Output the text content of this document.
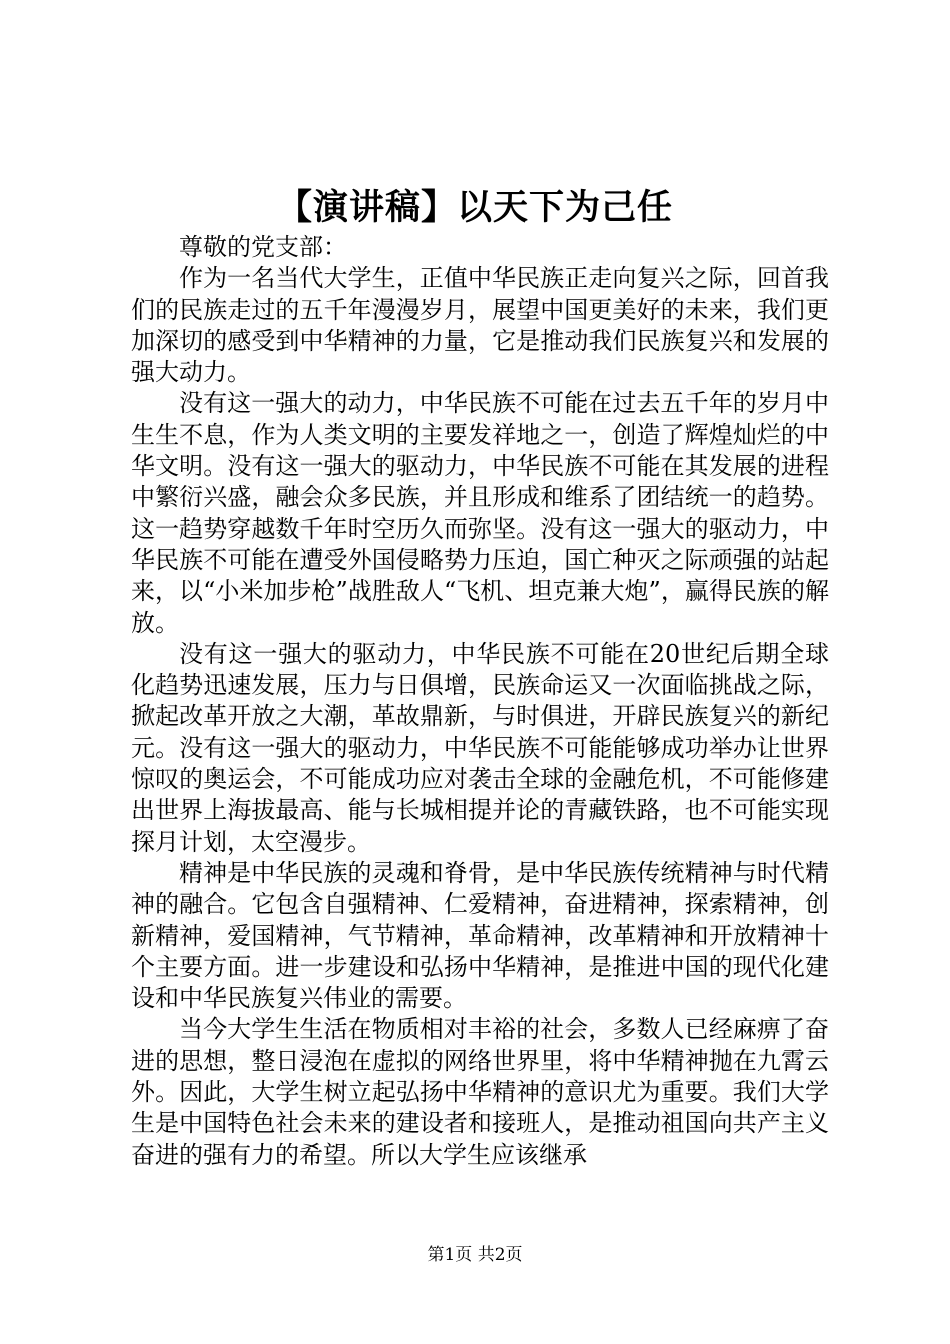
【演讲稿】以天下为己任

尊敬的党支部：

作为一名当代大学生，正值中华民族正走向复兴之际，回首我们的民族走过的五千年漫漫岁月，展望中国更美好的未来，我们更加深切的感受到中华精神的力量，它是推动我们民族复兴和发展的强大动力。

没有这一强大的动力，中华民族不可能在过去五千年的岁月中生生不息，作为人类文明的主要发祥地之一，创造了辉煌灿烂的中华文明。没有这一强大的驱动力，中华民族不可能在其发展的进程中繁衍兴盛，融会众多民族，并且形成和维系了团结统一的趋势。这一趋势穿越数千年时空历久而弥坚。没有这一强大的驱动力，中华民族不可能在遭受外国侵略势力压迫，国亡种灭之际顽强的站起来，以“小米加步枪”战胜敌人“飞机、坦克兼大炮”，赢得民族的解放。

没有这一强大的驱动力，中华民族不可能在20世纪后期全球化趋势迅速发展，压力与日俱增，民族命运又一次面临挑战之际，掀起改革开放之大潮，革故鼎新，与时俱进，开辟民族复兴的新纪元。没有这一强大的驱动力，中华民族不可能能够成功举办让世界惊叹的奥运会，不可能成功应对袭击全球的金融危机，不可能修建出世界上海拔最高、能与长城相提并论的青藏铁路，也不可能实现探月计划，太空漫步。

精神是中华民族的灵魂和脊骨，是中华民族传统精神与时代精神的融合。它包含自强精神、仁爱精神，奋进精神，探索精神，创新精神，爱国精神，气节精神，革命精神，改革精神和开放精神十个主要方面。进一步建设和弘扬中华精神，是推进中国的现代化建设和中华民族复兴伟业的需要。

当今大学生生活在物质相对丰裕的社会，多数人已经麻痹了奋进的思想，整日浸泡在虚拟的网络世界里，将中华精神抛在九霄云外。因此，大学生树立起弘扬中华精神的意识尤为重要。我们大学生是中国特色社会未来的建设者和接班人，是推动祖国向共产主义奋进的强有力的希望。所以大学生应该继承

第1页 共2页
